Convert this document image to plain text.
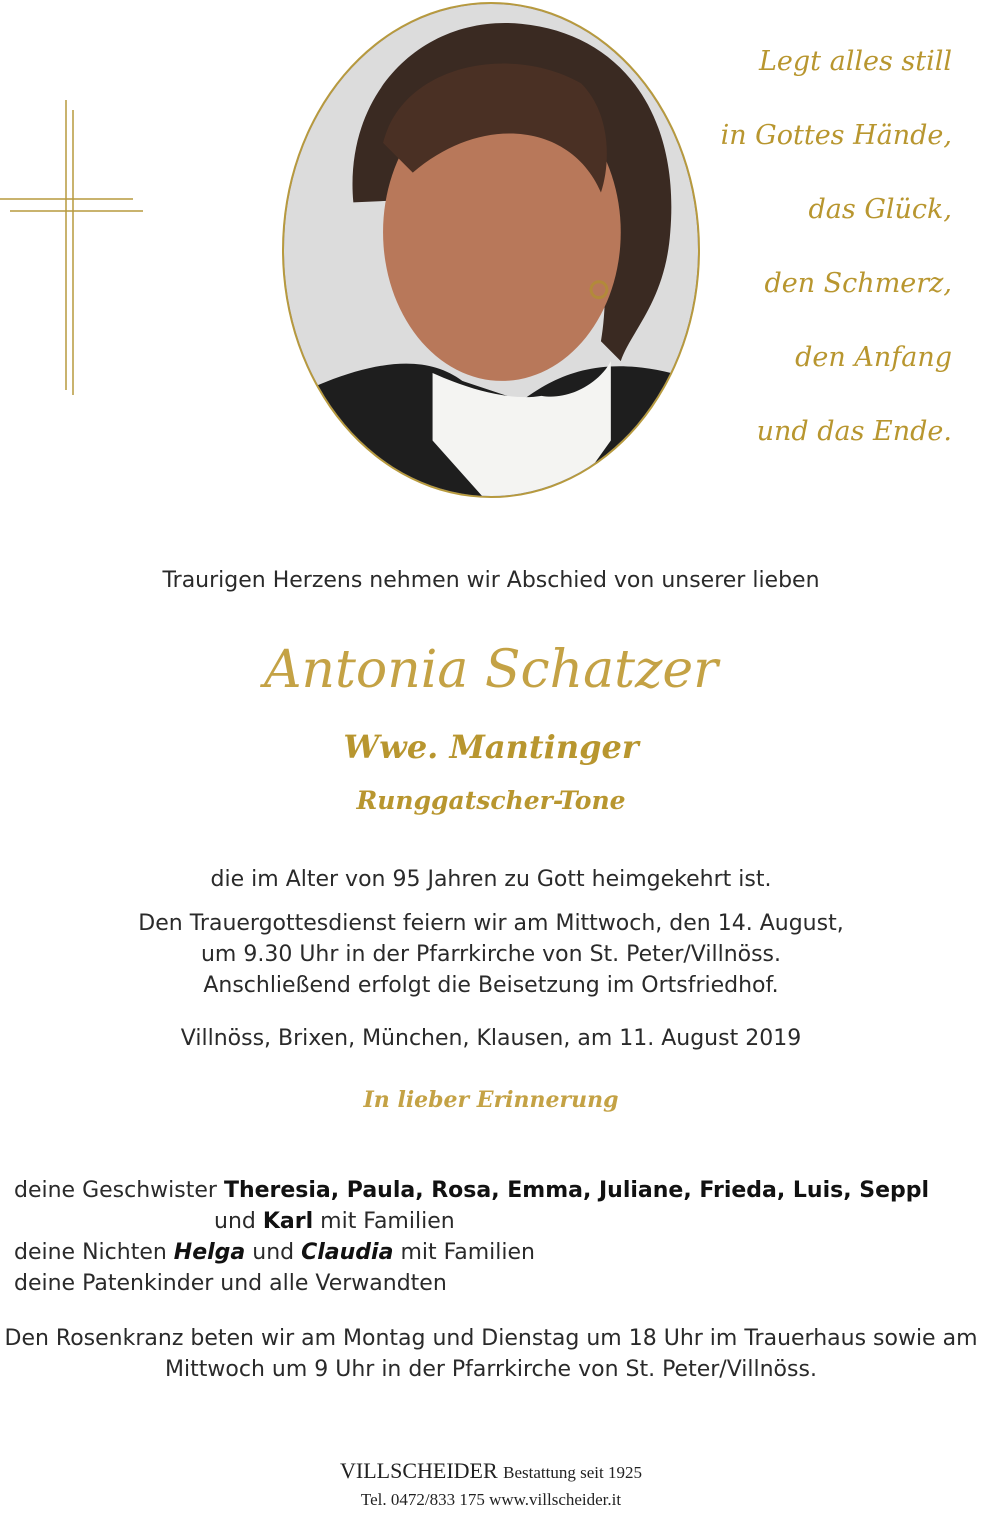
Legt alles still
in Gottes Hände,
das Glück,
den Schmerz,
den Anfang
und das Ende.
Traurigen Herzens nehmen wir Abschied von unserer lieben
Antonia Schatzer
Wwe. Mantinger
Runggatscher-Tone
die im Alter von 95 Jahren zu Gott heimgekehrt ist.
Den Trauergottesdienst feiern wir am Mittwoch, den 14. August,
um 9.30 Uhr in der Pfarrkirche von St. Peter/Villnöss.
Anschließend erfolgt die Beisetzung im Ortsfriedhof.
Villnöss, Brixen, München, Klausen, am 11. August 2019
In lieber Erinnerung
deine Geschwister Theresia, Paula, Rosa, Emma, Juliane, Frieda, Luis, Seppl
und Karl mit Familien
deine Nichten Helga und Claudia mit Familien
deine Patenkinder und alle Verwandten
Den Rosenkranz beten wir am Montag und Dienstag um 18 Uhr im Trauerhaus sowie am
Mittwoch um 9 Uhr in der Pfarrkirche von St. Peter/Villnöss.
VILLSCHEIDER Bestattung seit 1925
Tel. 0472/833 175 www.villscheider.it
